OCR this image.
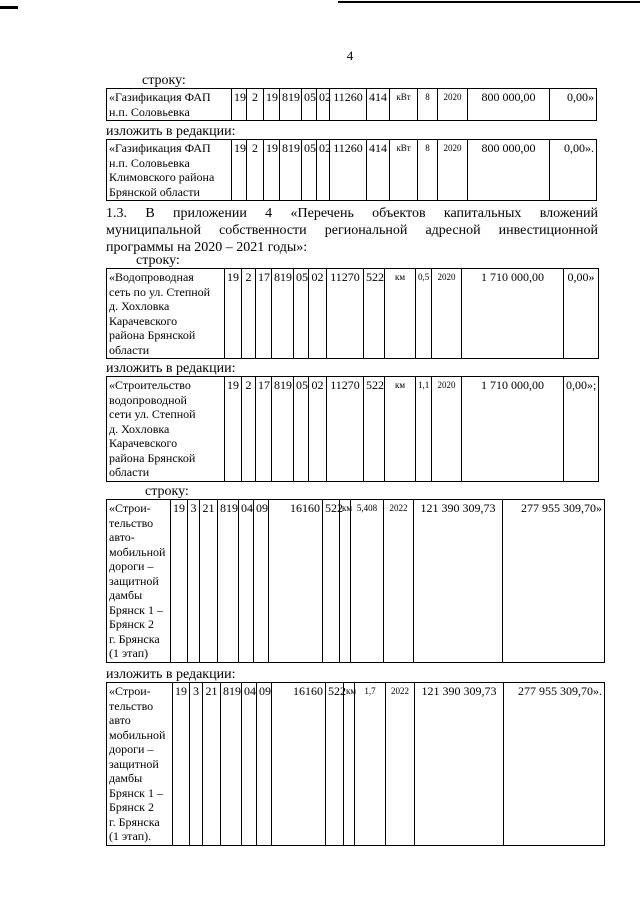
4
строку:
изложить в редакции:
1.3. В приложении 4 «Перечень объектов капитальных вложений
муниципальной собственности региональной адресной инвестиционной
программы на 2020 – 2021 годы»:
строку:
изложить в редакции:
строку:
изложить в редакции:
«Газификация ФАП
н.п. Соловьевка	19	2	19	819	05	02	11260	414	кВт	8	2020	800 000,00	0,00»
«Газификация ФАП
н.п. Соловьевка
Климовского района
Брянской области	19	2	19	819	05	02	11260	414	кВт	8	2020	800 000,00	0,00».
«Водопроводная
сеть по ул. Степной
д. Хохловка
Карачевского
района Брянской
области	19	2	17	819	05	02	11270	522	км	0,5	2020	1 710 000,00	0,00»
«Строительство
водопроводной
сети ул. Степной
д. Хохловка
Карачевского
района Брянской
области	19	2	17	819	05	02	11270	522	км	1,1	2020	1 710 000,00	0,00»;
«Строи-
тельство
авто-
мобильной
дороги –
защитной
дамбы
Брянск 1 –
Брянск 2
г. Брянска
(1 этап)	19	3	21	819	04	09	16160	522	км	5,408	2022	121 390 309,73	277 955 309,70»
«Строи-
тельство
авто
мобильной
дороги –
защитной
дамбы
Брянск 1 –
Брянск 2
г. Брянска
(1 этап).	19	3	21	819	04	09	16160	522	км	1,7	2022	121 390 309,73	277 955 309,70».
